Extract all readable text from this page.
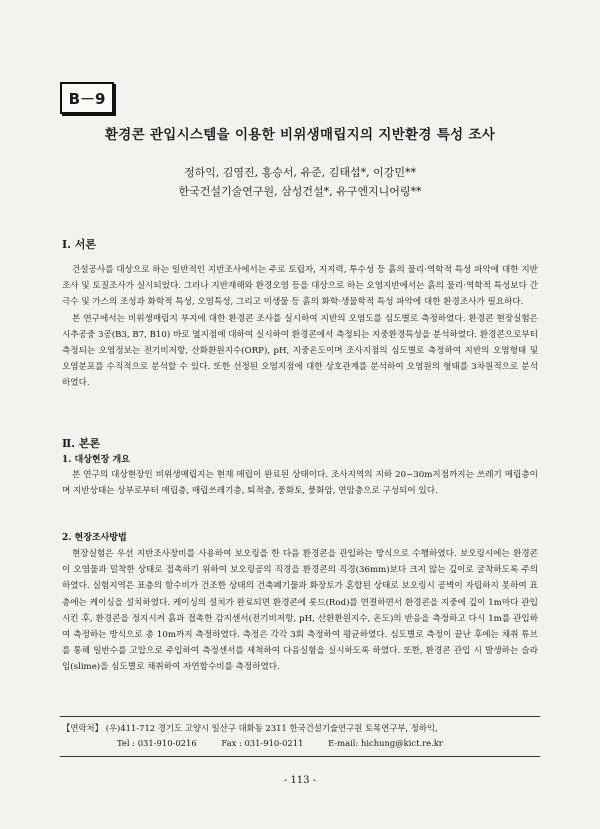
B－9
환경콘 관입시스템을 이용한 비위생매립지의 지반환경 특성 조사
정하익, 김영진, 홍승서, 유준, 김태섭*, 이강민**
한국건설기술연구원, 삼성건설*, 유구엔지니어링**
Ⅰ. 서론

건설공사를 대상으로 하는 일반적인 지반조사에서는 주로 토립자, 지지력, 투수성 등 흙의 물리·역학적 특성 파악에 대한 지반조사 및 토질조사가 실시되었다. 그러나 지반재해와 환경오염 등을 대상으로 하는 오염지반에서는 흙의 물리·역학적 특성보다 간극수 및 가스의 조성과 화학적 특성, 오염특성, 그리고 미생물 등 흙의 화학·생물학적 특성 파악에 대한 환경조사가 필요하다.

본 연구에서는 비위생매립지 부지에 대한 환경콘 조사를 실시하여 지반의 오염도를 심도별로 측정하였다. 환경콘 현장실험은 시추공중 3공(B3, B7, B10) 바로 옆지점에 대하여 실시하여 환경콘에서 측정되는 지중환경특성을 분석하였다. 환경콘으로부터 측정되는 오염정보는 전기비저항, 산화환원지수(ORP), pH, 지중온도이며 조사지점의 심도별로 측정하여 지반의 오염형태 및 오염분포를 수직적으로 분석할 수 있다. 또한 선정된 오염지점에 대한 상호관계를 분석하여 오염원의 형태를 3차원적으로 분석하였다.

Ⅱ. 본론
1. 대상현장 개요

본 연구의 대상현장인 비위생매립지는 현재 매립이 완료된 상태이다. 조사지역의 지하 20~30m지점까지는 쓰레기 매립층이며 지반상태는 상부로부터 매립층, 매립쓰레기층, 퇴적층, 풍화토, 풍화암, 연암층으로 구성되어 있다.

2. 현장조사방법

현장실험은 우선 지반조사장비를 사용하여 보오링을 한 다음 환경콘을 관입하는 방식으로 수행하였다. 보오링시에는 환경콘이 오염물과 밀착한 상태로 접촉하기 위하여 보오링공의 직경을 환경콘의 직경(36mm)보다 크지 않는 깊이로 굴착하도록 주의하였다. 실험지역은 표층의 함수비가 건조한 상태의 건축폐기물과 화장토가 혼합된 상태로 보오링시 공벽이 자립하지 못하여 표층에는 케이싱을 설치하였다. 케이싱의 설치가 완료되면 환경콘에 롯드(Rod)를 연결하면서 환경콘을 지중에 깊이 1m마다 관입시킨 후, 환경콘을 정지시켜 흙과 접촉한 감지센서(전기비저항, pH, 산환환원지수, 온도)의 반응을 측정하고 다시 1m를 관입하여 측정하는 방식으로 총 10m까지 측정하였다. 측정은 각각 3회 측정하여 평균하였다. 심도별로 측정이 끝난 후에는 채취 튜브를 통해 일반수를 고압으로 주입하여 측정센서를 세척하여 다음실험을 실시하도록 하였다. 또한, 환경콘 관입 시 발생하는 슬라임(slime)을 심도별로 채취하여 자연함수비를 측정하였다.

【연락처】 (우)411-712 경기도 고양시 일산구 대화동 2311 한국건설기술연구원 토목연구부, 정하익,
Tel : 031-910-0216	Fax : 031-910-0211	E-mail: hichung@kict.re.kr
- 113 -
